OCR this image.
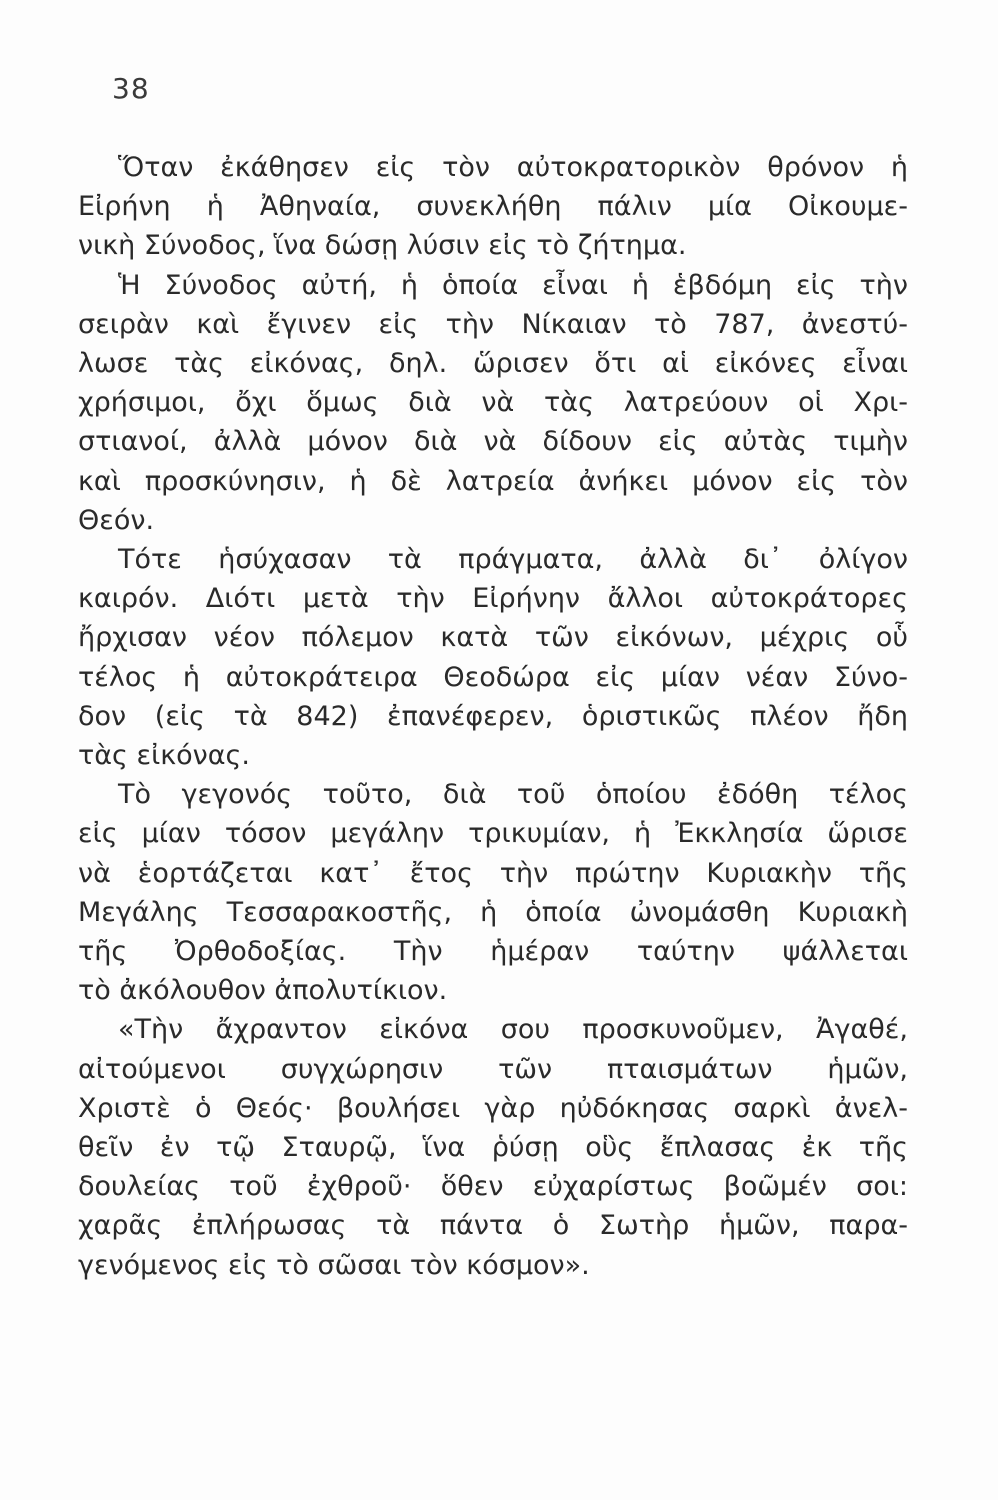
38
Ὅταν ἐκάθησεν εἰς τὸν αὐτοκρατορικὸν θρόνον ἡ
Εἰρήνη ἡ Ἀθηναία, συνεκλήθη πάλιν μία Οἰκουμε-
νικὴ Σύνοδος, ἵνα δώσῃ λύσιν εἰς τὸ ζήτημα.
Ἡ Σύνοδος αὐτή, ἡ ὁποία εἶναι ἡ ἑβδόμη εἰς τὴν
σειρὰν καὶ ἔγινεν εἰς τὴν Νίκαιαν τὸ 787, ἀνεστύ-
λωσε τὰς εἰκόνας, δηλ. ὥρισεν ὅτι αἱ εἰκόνες εἶναι
χρήσιμοι, ὄχι ὅμως διὰ νὰ τὰς λατρεύουν οἱ Χρι-
στιανοί, ἀλλὰ μόνον διὰ νὰ δίδουν εἰς αὐτὰς τιμὴν
καὶ προσκύνησιν, ἡ δὲ λατρεία ἀνήκει μόνον εἰς τὸν
Θεόν.
Τότε ἡσύχασαν τὰ πράγματα, ἀλλὰ δι᾽ ὀλίγον
καιρόν. Διότι μετὰ τὴν Εἰρήνην ἄλλοι αὐτοκράτορες
ἤρχισαν νέον πόλεμον κατὰ τῶν εἰκόνων, μέχρις οὗ
τέλος ἡ αὐτοκράτειρα Θεοδώρα εἰς μίαν νέαν Σύνο-
δον (εἰς τὰ 842) ἐπανέφερεν, ὁριστικῶς πλέον ἤδη
τὰς εἰκόνας.
Τὸ γεγονός τοῦτο, διὰ τοῦ ὁποίου ἐδόθη τέλος
εἰς μίαν τόσον μεγάλην τρικυμίαν, ἡ Ἐκκλησία ὥρισε
νὰ ἑορτάζεται κατ᾽ ἔτος τὴν πρώτην Κυριακὴν τῆς
Μεγάλης Τεσσαρακοστῆς, ἡ ὁποία ὠνομάσθη Κυριακὴ
τῆς Ὀρθοδοξίας. Τὴν ἡμέραν ταύτην ψάλλεται
τὸ ἀκόλουθον ἀπολυτίκιον.
«Τὴν ἄχραντον εἰκόνα σου προσκυνοῦμεν, Ἀγαθέ,
αἰτούμενοι συγχώρησιν τῶν πταισμάτων ἡμῶν,
Χριστὲ ὁ Θεός· βουλήσει γὰρ ηὐδόκησας σαρκὶ ἀνελ-
θεῖν ἐν τῷ Σταυρῷ, ἵνα ῥύσῃ οὓς ἔπλασας ἐκ τῆς
δουλείας τοῦ ἐχθροῦ· ὅθεν εὐχαρίστως βοῶμέν σοι:
χαρᾶς ἐπλήρωσας τὰ πάντα ὁ Σωτὴρ ἡμῶν, παρα-
γενόμενος εἰς τὸ σῶσαι τὸν κόσμον».
